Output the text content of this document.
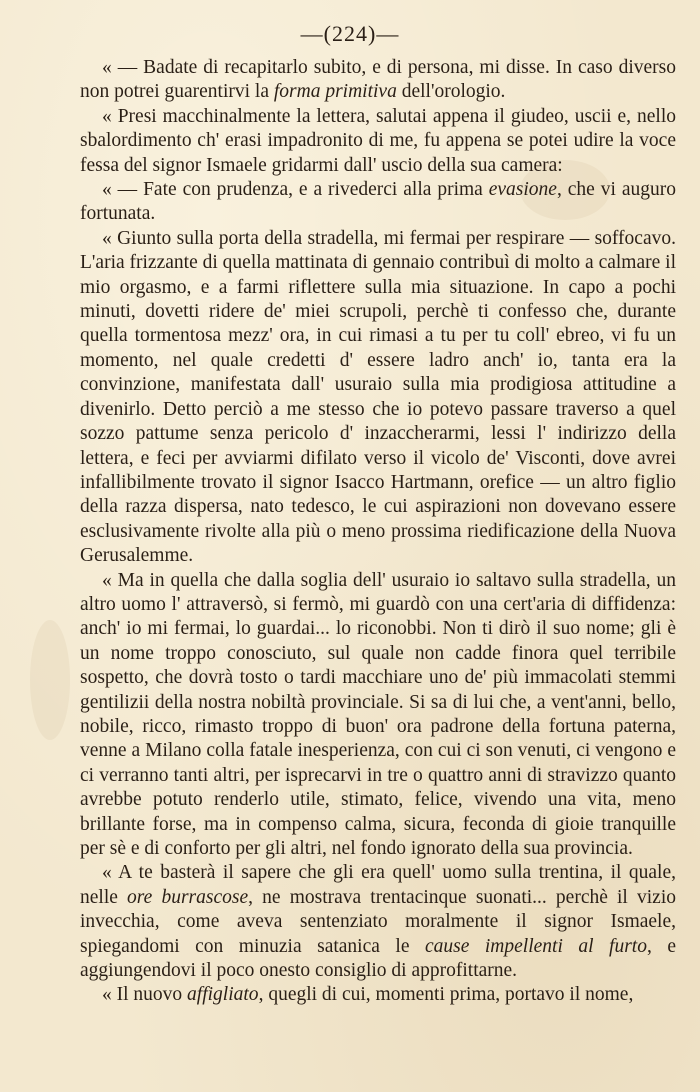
—(224)—

« — Badate di recapitarlo subito, e di persona, mi disse. In caso diverso non potrei guarentirvi la forma primitiva dell'orologio.

« Presi macchinalmente la lettera, salutai appena il giudeo, uscii e, nello sbalordimento ch' erasi impadronito di me, fu appena se potei udire la voce fessa del signor Ismaele gridarmi dall' uscio della sua camera:

« — Fate con prudenza, e a rivederci alla prima evasione, che vi auguro fortunata.

« Giunto sulla porta della stradella, mi fermai per respirare — soffocavo. L'aria frizzante di quella mattinata di gennaio contribuì di molto a calmare il mio orgasmo, e a farmi riflettere sulla mia situazione. In capo a pochi minuti, dovetti ridere de' miei scrupoli, perchè ti confesso che, durante quella tormentosa mezz' ora, in cui rimasi a tu per tu coll' ebreo, vi fu un momento, nel quale credetti d' essere ladro anch' io, tanta era la convinzione, manifestata dall' usuraio sulla mia prodigiosa attitudine a divenirlo. Detto perciò a me stesso che io potevo passare traverso a quel sozzo pattume senza pericolo d' inzaccherarmi, lessi l' indirizzo della lettera, e feci per avviarmi difilato verso il vicolo de' Visconti, dove avrei infallibilmente trovato il signor Isacco Hartmann, orefice — un altro figlio della razza dispersa, nato tedesco, le cui aspirazioni non dovevano essere esclusivamente rivolte alla più o meno prossima riedificazione della Nuova Gerusalemme.

« Ma in quella che dalla soglia dell' usuraio io saltavo sulla stradella, un altro uomo l' attraversò, si fermò, mi guardò con una cert'aria di diffidenza: anch' io mi fermai, lo guardai... lo riconobbi. Non ti dirò il suo nome; gli è un nome troppo conosciuto, sul quale non cadde finora quel terribile sospetto, che dovrà tosto o tardi macchiare uno de' più immacolati stemmi gentilizii della nostra nobiltà provinciale. Si sa di lui che, a vent'anni, bello, nobile, ricco, rimasto troppo di buon' ora padrone della fortuna paterna, venne a Milano colla fatale inesperienza, con cui ci son venuti, ci vengono e ci verranno tanti altri, per isprecarvi in tre o quattro anni di stravizzo quanto avrebbe potuto renderlo utile, stimato, felice, vivendo una vita, meno brillante forse, ma in compenso calma, sicura, feconda di gioie tranquille per sè e di conforto per gli altri, nel fondo ignorato della sua provincia.

« A te basterà il sapere che gli era quell' uomo sulla trentina, il quale, nelle ore burrascose, ne mostrava trentacinque suonati... perchè il vizio invecchia, come aveva sentenziato moralmente il signor Ismaele, spiegandomi con minuzia satanica le cause impellenti al furto, e aggiungendovi il poco onesto consiglio di approfittarne.

« Il nuovo affigliato, quegli di cui, momenti prima, portavo il nome,
